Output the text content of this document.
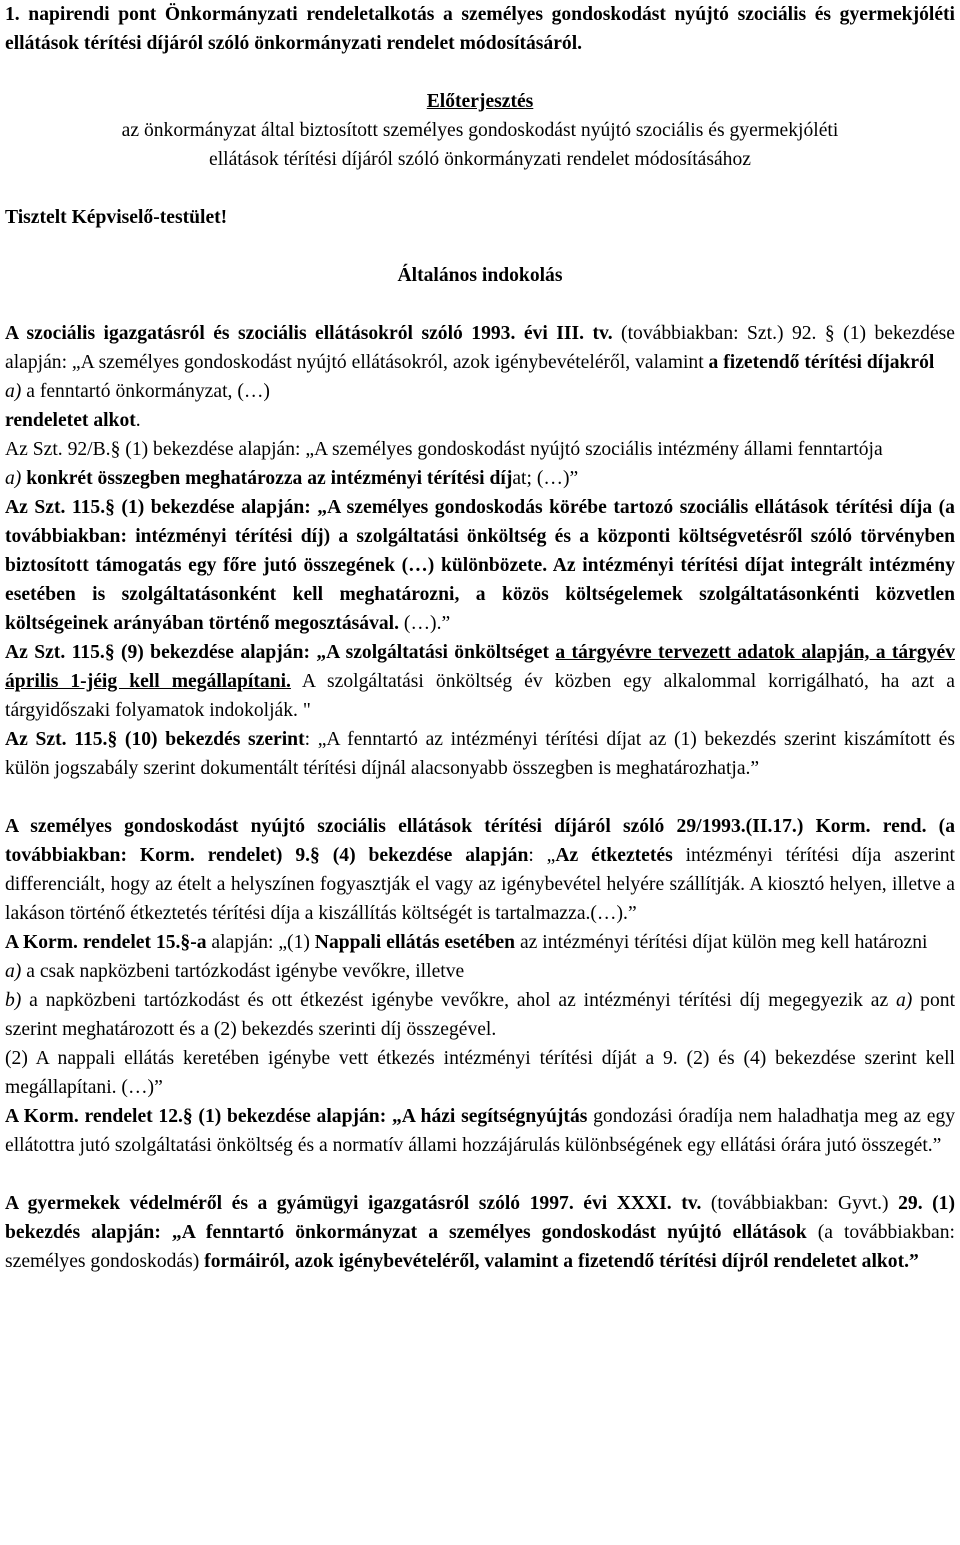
1. napirendi pont Önkormányzati rendeletalkotás a személyes gondoskodást nyújtó szociális és gyermekjóléti ellátások térítési díjáról szóló önkormányzati rendelet módosításáról.

Előterjesztés

az önkormányzat által biztosított személyes gondoskodást nyújtó szociális és gyermekjóléti

ellátások térítési díjáról szóló önkormányzati rendelet módosításához

Tisztelt Képviselő-testület!

Általános indokolás

A szociális igazgatásról és szociális ellátásokról szóló 1993. évi III. tv. (továbbiakban: Szt.) 92. § (1) bekezdése alapján: „A személyes gondoskodást nyújtó ellátásokról, azok igénybevételéről, valamint a fizetendő térítési díjakról

a) a fenntartó önkormányzat, (…)

rendeletet alkot.

Az Szt. 92/B.§ (1) bekezdése alapján: „A személyes gondoskodást nyújtó szociális intézmény állami fenntartója

a) konkrét összegben meghatározza az intézményi térítési díjat; (…)”

Az Szt. 115.§ (1) bekezdése alapján: „A személyes gondoskodás körébe tartozó szociális ellátások térítési díja (a továbbiakban: intézményi térítési díj) a szolgáltatási önköltség és a központi költségvetésről szóló törvényben biztosított támogatás egy főre jutó összegének (…) különbözete. Az intézményi térítési díjat integrált intézmény esetében is szolgáltatásonként kell meghatározni, a közös költségelemek szolgáltatásonkénti közvetlen költségeinek arányában történő megosztásával. (…).”

Az Szt. 115.§ (9) bekezdése alapján: „A szolgáltatási önköltséget a tárgyévre tervezett adatok alapján, a tárgyév április 1-jéig kell megállapítani. A szolgáltatási önköltség év közben egy alkalommal korrigálható, ha azt a tárgyidőszaki folyamatok indokolják. "

Az Szt. 115.§ (10) bekezdés szerint: „A fenntartó az intézményi térítési díjat az (1) bekezdés szerint kiszámított és külön jogszabály szerint dokumentált térítési díjnál alacsonyabb összegben is meghatározhatja.”

A személyes gondoskodást nyújtó szociális ellátások térítési díjáról szóló 29/1993.(II.17.) Korm. rend. (a továbbiakban: Korm. rendelet) 9.§ (4) bekezdése alapján: „Az étkeztetés intézményi térítési díja aszerint differenciált, hogy az ételt a helyszínen fogyasztják el vagy az igénybevétel helyére szállítják. A kiosztó helyen, illetve a lakáson történő étkeztetés térítési díja a kiszállítás költségét is tartalmazza.(…).”

A Korm. rendelet 15.§-a alapján: „(1) Nappali ellátás esetében az intézményi térítési díjat külön meg kell határozni

a) a csak napközbeni tartózkodást igénybe vevőkre, illetve

b) a napközbeni tartózkodást és ott étkezést igénybe vevőkre, ahol az intézményi térítési díj megegyezik az a) pont szerint meghatározott és a (2) bekezdés szerinti díj összegével.

(2) A nappali ellátás keretében igénybe vett étkezés intézményi térítési díját a 9. (2) és (4) bekezdése szerint kell megállapítani. (…)”

A Korm. rendelet 12.§ (1) bekezdése alapján: „A házi segítségnyújtás gondozási óradíja nem haladhatja meg az egy ellátottra jutó szolgáltatási önköltség és a normatív állami hozzájárulás különbségének egy ellátási órára jutó összegét.”

A gyermekek védelméről és a gyámügyi igazgatásról szóló 1997. évi XXXI. tv. (továbbiakban: Gyvt.) 29. (1) bekezdés alapján: „A fenntartó önkormányzat a személyes gondoskodást nyújtó ellátások (a továbbiakban: személyes gondoskodás) formáiról, azok igénybevételéről, valamint a fizetendő térítési díjról rendeletet alkot.”
